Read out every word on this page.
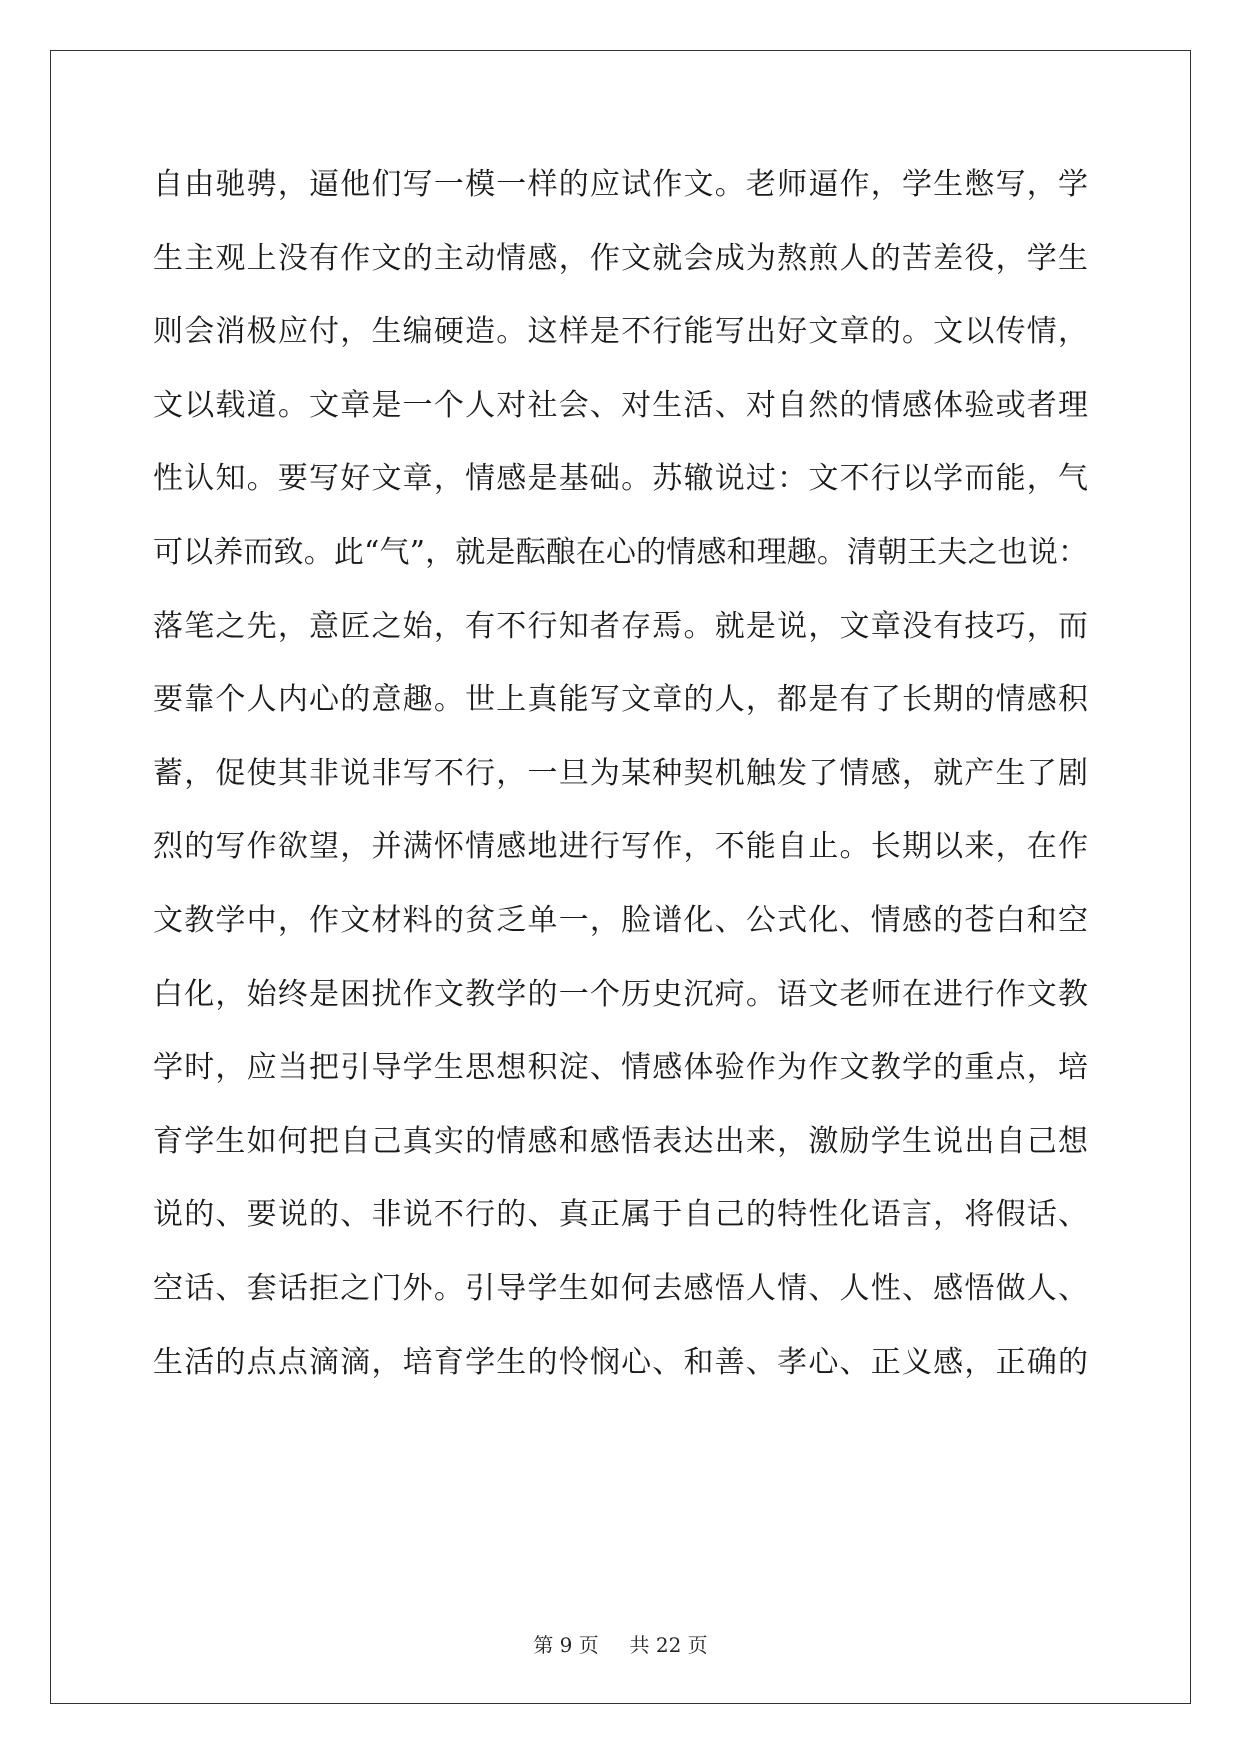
自由驰骋，逼他们写一模一样的应试作文。老师逼作，学生憋写，学
生主观上没有作文的主动情感，作文就会成为熬煎人的苦差役，学生
则会消极应付，生编硬造。这样是不行能写出好文章的。文以传情，
文以载道。文章是一个人对社会、对生活、对自然的情感体验或者理
性认知。要写好文章，情感是基础。苏辙说过：文不行以学而能，气
可以养而致。此“气”，就是酝酿在心的情感和理趣。清朝王夫之也说：
落笔之先，意匠之始，有不行知者存焉。就是说，文章没有技巧，而
要靠个人内心的意趣。世上真能写文章的人，都是有了长期的情感积
蓄，促使其非说非写不行，一旦为某种契机触发了情感，就产生了剧
烈的写作欲望，并满怀情感地进行写作，不能自止。长期以来，在作
文教学中，作文材料的贫乏单一，脸谱化、公式化、情感的苍白和空
白化，始终是困扰作文教学的一个历史沉疴。语文老师在进行作文教
学时，应当把引导学生思想积淀、情感体验作为作文教学的重点，培
育学生如何把自己真实的情感和感悟表达出来，激励学生说出自己想
说的、要说的、非说不行的、真正属于自己的特性化语言，将假话、
空话、套话拒之门外。引导学生如何去感悟人情、人性、感悟做人、
生活的点点滴滴，培育学生的怜悯心、和善、孝心、正义感，正确的
第 9 页 共 22 页
